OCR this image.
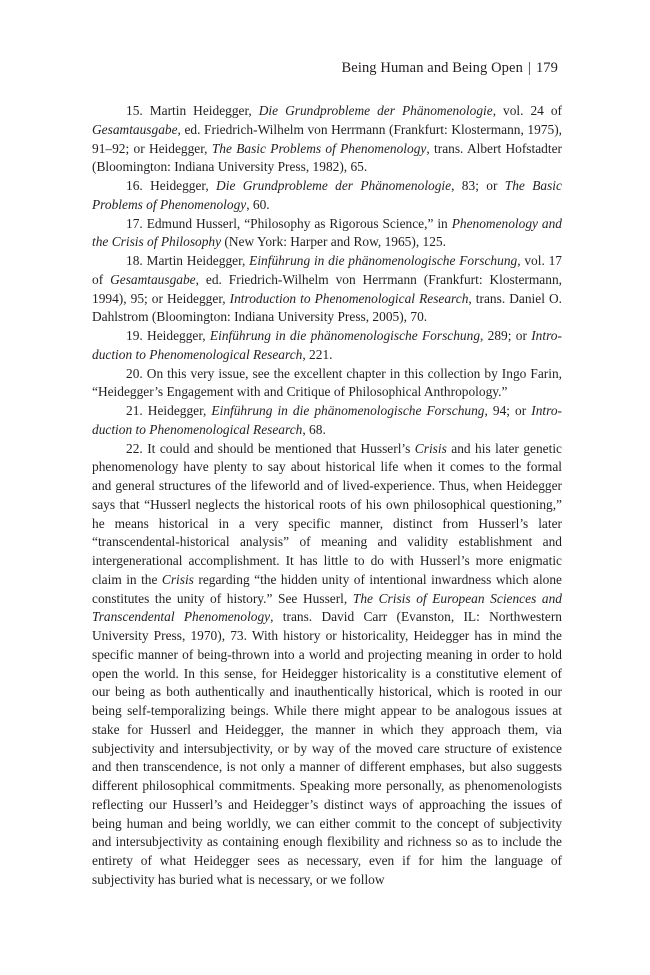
Being Human and Being Open | 179

15. Martin Heidegger, Die Grundprobleme der Phänomenologie, vol. 24 of Gesamtausgabe, ed. Friedrich-Wilhelm von Herrmann (Frankfurt: Klostermann, 1975), 91–92; or Heidegger, The Basic Problems of Phenomenology, trans. Albert Hofstadter (Bloomington: Indiana University Press, 1982), 65.

16. Heidegger, Die Grundprobleme der Phänomenologie, 83; or The Basic Problems of Phenomenology, 60.

17. Edmund Husserl, “Philosophy as Rigorous Science,” in Phenomenology and the Crisis of Philosophy (New York: Harper and Row, 1965), 125.

18. Martin Heidegger, Einführung in die phänomenologische Forschung, vol. 17 of Gesamtausgabe, ed. Friedrich-Wilhelm von Herrmann (Frankfurt: Klostermann, 1994), 95; or Heidegger, Introduction to Phenomenological Research, trans. Daniel O. Dahlstrom (Bloomington: Indiana University Press, 2005), 70.

19. Heidegger, Einführung in die phänomenologische Forschung, 289; or Introduction to Phenomenological Research, 221.

20. On this very issue, see the excellent chapter in this collection by Ingo Farin, “Heidegger’s Engagement with and Critique of Philosophical Anthropology.”

21. Heidegger, Einführung in die phänomenologische Forschung, 94; or Introduction to Phenomenological Research, 68.

22. It could and should be mentioned that Husserl’s Crisis and his later genetic phenomenology have plenty to say about historical life when it comes to the formal and general structures of the lifeworld and of lived-experience. Thus, when Heidegger says that “Husserl neglects the historical roots of his own philosophical questioning,” he means historical in a very specific manner, distinct from Husserl’s later “transcendental-historical analysis” of meaning and validity establishment and intergenerational accomplishment. It has little to do with Husserl’s more enigmatic claim in the Crisis regarding “the hidden unity of intentional inwardness which alone constitutes the unity of history.” See Husserl, The Crisis of European Sciences and Transcendental Phenomenology, trans. David Carr (Evanston, IL: Northwestern University Press, 1970), 73. With history or historicality, Heidegger has in mind the specific manner of being-thrown into a world and projecting meaning in order to hold open the world. In this sense, for Heidegger historicality is a constitutive element of our being as both authentically and inauthentically historical, which is rooted in our being self-temporalizing beings. While there might appear to be analogous issues at stake for Husserl and Heidegger, the manner in which they approach them, via subjectivity and intersubjectivity, or by way of the moved care structure of existence and then transcendence, is not only a manner of different emphases, but also suggests different philosophical commitments. Speaking more personally, as phenomenologists reflecting our Husserl’s and Heidegger’s distinct ways of approaching the issues of being human and being worldly, we can either commit to the concept of subjectivity and intersubjectivity as containing enough flexibility and richness so as to include the entirety of what Heidegger sees as necessary, even if for him the language of subjectivity has buried what is necessary, or we follow
